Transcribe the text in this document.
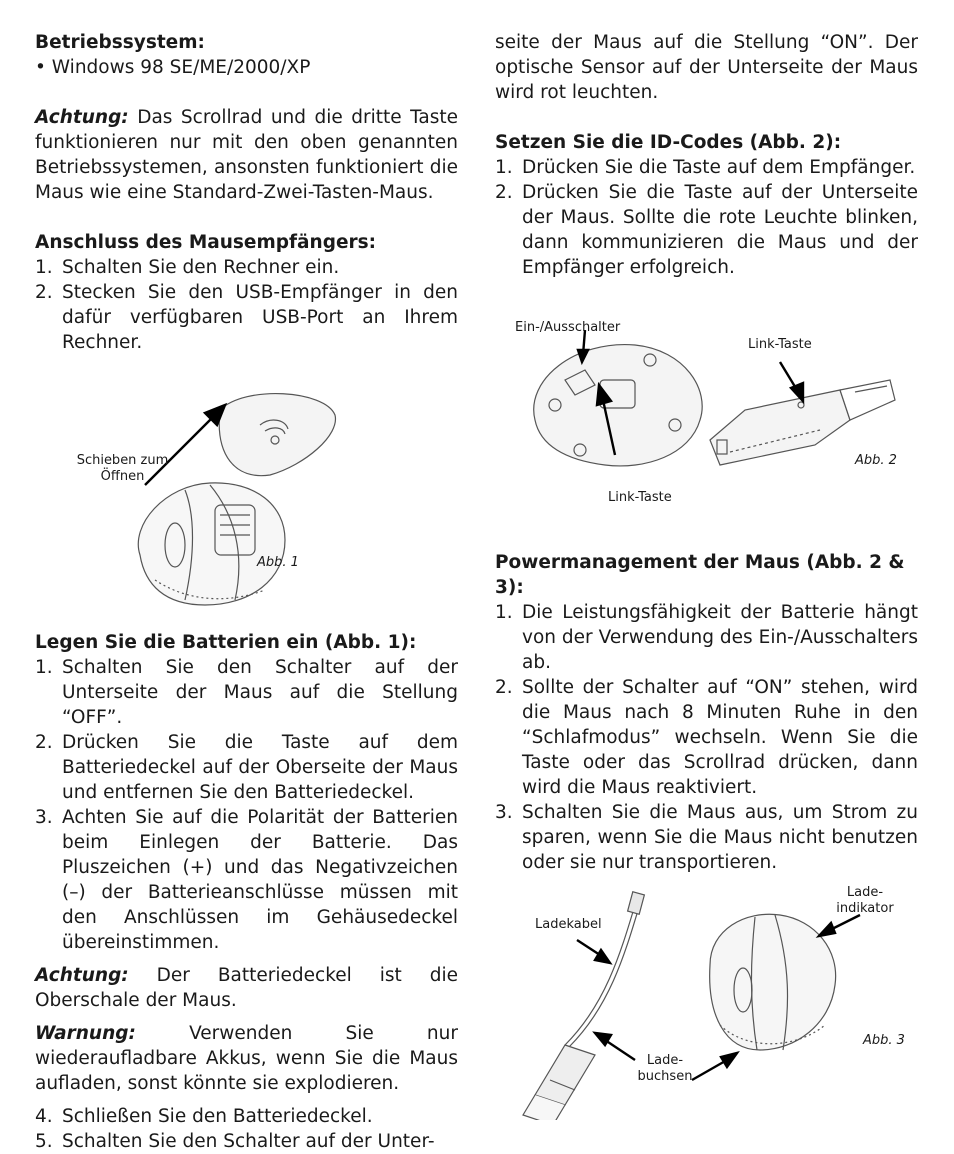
Betriebssystem:

• Windows 98 SE/ME/2000/XP

Achtung: Das Scrollrad und die dritte Taste funktionieren nur mit den oben genannten Betriebssystemen, ansonsten funktioniert die Maus wie eine Standard-Zwei-Tasten-Maus.

Anschluss des Mausempfängers:

1. Schalten Sie den Rechner ein.
2. Stecken Sie den USB-Empfänger in den dafür verfügbaren USB-Port an Ihrem Rechner.
Schieben zum Öffnen
Abb. 1

Legen Sie die Batterien ein (Abb. 1):

1. Schalten Sie den Schalter auf der Unterseite der Maus auf die Stellung “OFF”.
2. Drücken Sie die Taste auf dem Batteriedeckel auf der Oberseite der Maus und entfernen Sie den Batteriedeckel.
3. Achten Sie auf die Polarität der Batterien beim Einlegen der Batterie. Das Pluszeichen (+) und das Negativzeichen (–) der Batterieanschlüsse müssen mit den Anschlüssen im Gehäusedeckel übereinstimmen.

Achtung: Der Batteriedeckel ist die Oberschale der Maus.

Warnung: Verwenden Sie nur wiederaufladbare Akkus, wenn Sie die Maus aufladen, sonst könnte sie explodieren.

4. Schließen Sie den Batteriedeckel.
5. Schalten Sie den Schalter auf der Unter-

seite der Maus auf die Stellung “ON”. Der optische Sensor auf der Unterseite der Maus wird rot leuchten.

Setzen Sie die ID-Codes (Abb. 2):

1. Drücken Sie die Taste auf dem Empfänger.
2. Drücken Sie die Taste auf der Unterseite der Maus. Sollte die rote Leuchte blinken, dann kommunizieren die Maus und der Empfänger erfolgreich.
Ein-/Ausschalter
Link-Taste
Link-Taste
Abb. 2

Powermanagement der Maus (Abb. 2 & 3):

1. Die Leistungsfähigkeit der Batterie hängt von der Verwendung des Ein-/Ausschalters ab.
2. Sollte der Schalter auf “ON” stehen, wird die Maus nach 8 Minuten Ruhe in den “Schlafmodus” wechseln. Wenn Sie die Taste oder das Scrollrad drücken, dann wird die Maus reaktiviert.
3. Schalten Sie die Maus aus, um Strom zu sparen, wenn Sie die Maus nicht benutzen oder sie nur transportieren.
Ladekabel
Lade- indikator
Lade- buchsen
Abb. 3
